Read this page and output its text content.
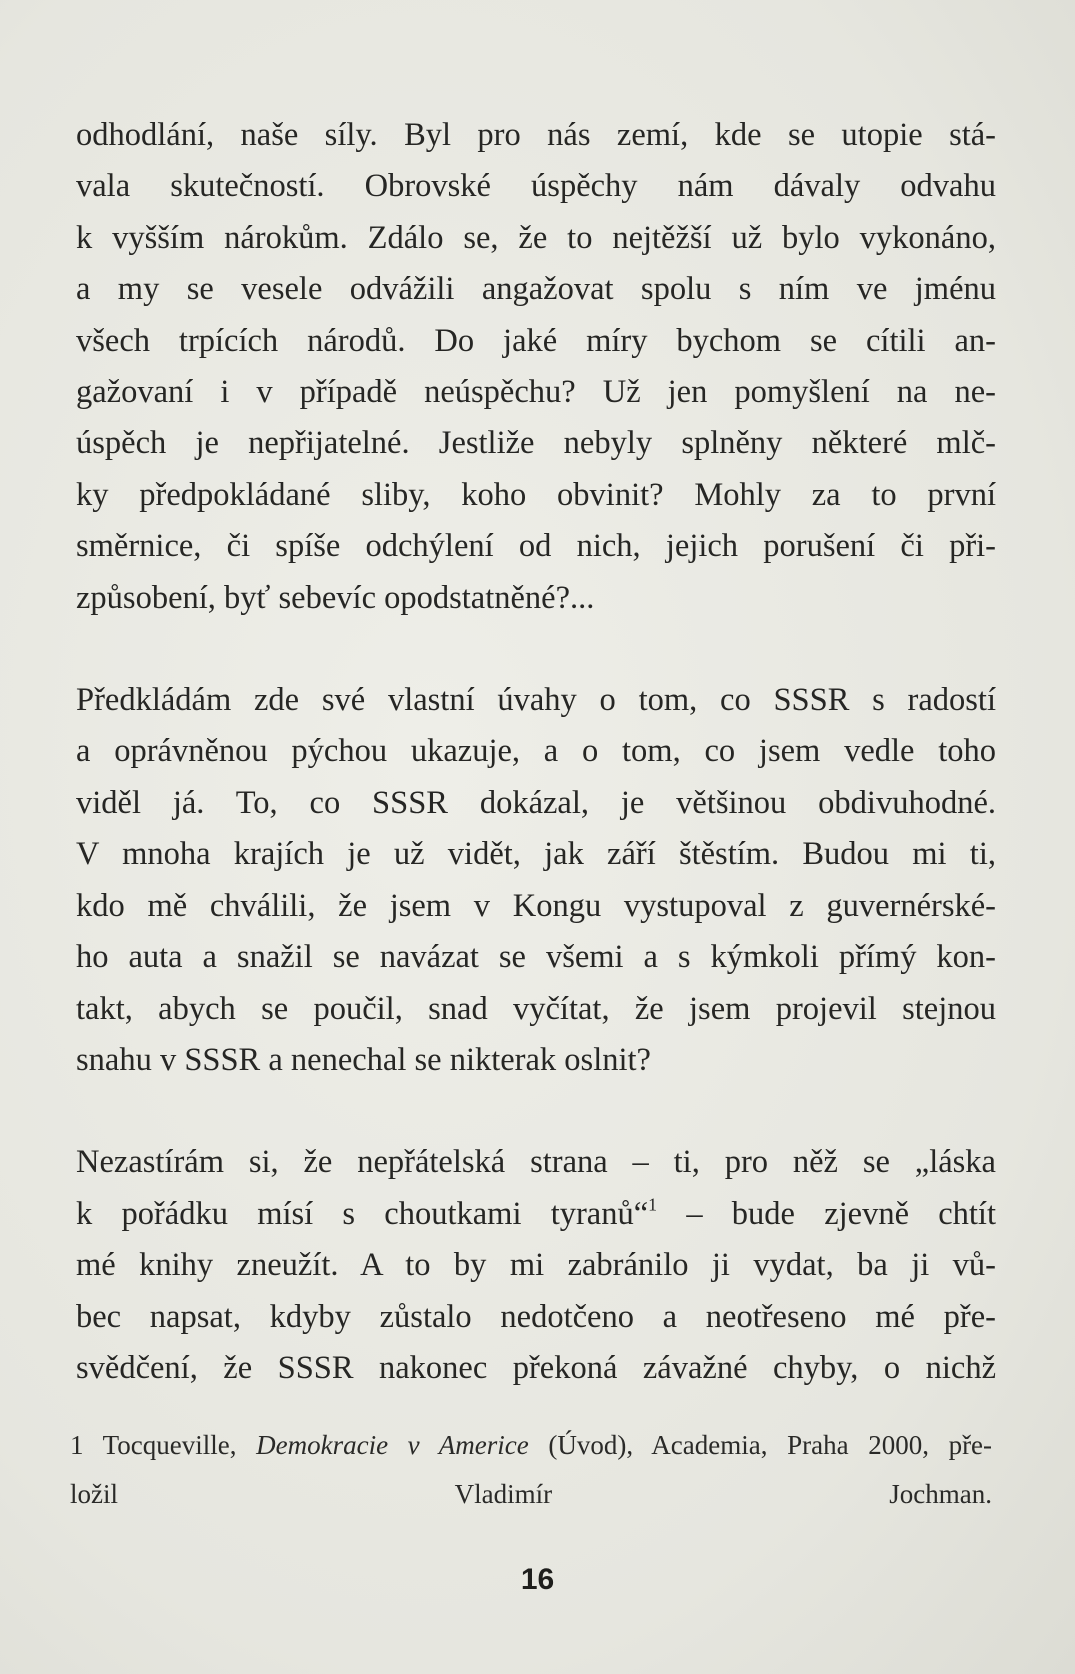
odhodlání, naše síly. Byl pro nás zemí, kde se utopie stá-
vala skutečností. Obrovské úspěchy nám dávaly odvahu
k vyšším nárokům. Zdálo se, že to nejtěžší už bylo vykonáno,
a my se vesele odvážili angažovat spolu s ním ve jménu
všech trpících národů. Do jaké míry bychom se cítili an-
gažovaní i v případě neúspěchu? Už jen pomyšlení na ne-
úspěch je nepřijatelné. Jestliže nebyly splněny některé mlč-
ky předpokládané sliby, koho obvinit? Mohly za to první
směrnice, či spíše odchýlení od nich, jejich porušení či při-
způsobení, byť sebevíc opodstatněné?...

Předkládám zde své vlastní úvahy o tom, co SSSR s radostí
a oprávněnou pýchou ukazuje, a o tom, co jsem vedle toho
viděl já. To, co SSSR dokázal, je většinou obdivuhodné.
V mnoha krajích je už vidět, jak září štěstím. Budou mi ti,
kdo mě chválili, že jsem v Kongu vystupoval z guvernérské-
ho auta a snažil se navázat se všemi a s kýmkoli přímý kon-
takt, abych se poučil, snad vyčítat, že jsem projevil stejnou
snahu v SSSR a nenechal se nikterak oslnit?

Nezastírám si, že nepřátelská strana – ti, pro něž se „láska
k pořádku mísí s choutkami tyranů“$^1$ – bude zjevně chtít
mé knihy zneužít. A to by mi zabránilo ji vydat, ba ji vů-
bec napsat, kdyby zůstalo nedotčeno a neotřeseno mé pře-
svědčení, že SSSR nakonec překoná závažné chyby, o nichž

1 Tocqueville, Demokracie v Americe (Úvod), Academia, Praha 2000, pře-
ložil Vladimír Jochman.
16
